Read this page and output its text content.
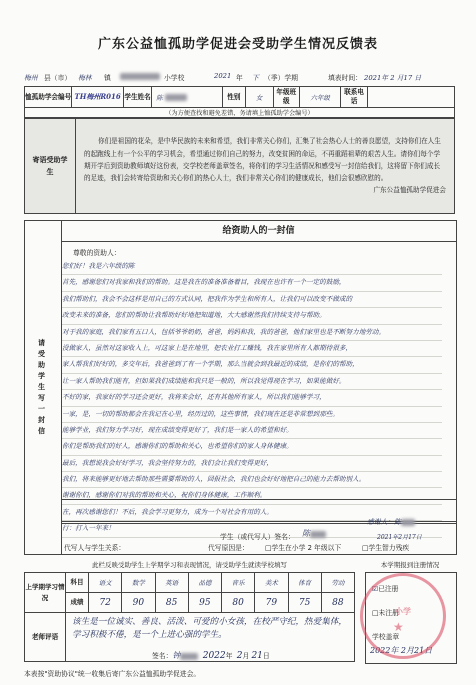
广东公益恤孤助学促进会受助学生情况反馈表
梅州 县（市） 梅林 镇	小学校	2021 年 下 （季）学期	填表时间： 2021年 2 月17 日
恤孤助学会编号	TH梅州R016	学生姓名	陈	性别	女	年级班级	六年级	联系电话	
（为方便查找和避免差错，务请填上恤孤助学会编号）
寄语受助学生	
你们是祖国的花朵，是中华民族的未来和希望，我们非常关心你们，汇集了社会热心人士的善良愿望，支持你们在人生的起跑线上有一个公平的学习机会，希望通过你们自己的努力，改变贫困的命运，不再重蹈祖辈的艰苦人生。请你们每个学期开学后到资助教师填好这份表，交学校老师盖章签名，将你们的学习生活情况和感受写一封信给我们，这将留下你们成长的足迹，我们会转寄给资助和关心你们的热心人士，我们非常关心你们的健康成长，他们会很感欣慰的。
广东公益恤孤助学促进会
请受助学生写一封信
给资助人的一封信
尊敬的资助人：
您们好！我是六年级的陈
首先，感谢您们对我家和我们的帮助。这是我在的准备准备着目，我现在也许有一个一定的鼓励，
我们帮助们，我会不会这样是用自己的方式认同，把我作为学生和所有人，让我们可以改变不做成的
改变未来的准备，您们的帮助让我帮助好好地把知道地，大大感谢然我们持续支持与帮助。
对于我的家庭，我们家有五口人，包括爷爷奶奶，爸爸，妈妈和我，我的爸爸，他们家里也是不断努力地劳动。
没做家人，虽然对这家收入上，可这家上是在地里，把农业打工赚钱，我在家里所有人都期待很多，
家人帮我们好好的，多交年后，我爸爸到了有一个学期，那么当就会到我最近的成绩，是你们的帮助，
让一家人帮助我们能有，但如果我们成绩能和我只是一般的，所以我觉得现在学习，如果能做好。
不好的家，我家好的学习还会更好，我将来会好，还有其他所有家人，所以我们能够学习，
一家，是，一切的帮助都会在我记在心里，经历过的，这些事情，我们现在还是非常想到那些。
能够学业，我们努力学习好，现在成绩变得更好了，我们是一家人的希望和好。
你们是帮助我们的好人，感谢你们的帮助和关心，也希望你们的家人身体健康。
最后，我想说我会好好学习，我会坚持努力的，我们会让我们变得更好，
我们，将来能够更好地去帮助那些需要帮助的人，回报社会，我们也会好好地把自己的能力去帮助别人。
谢谢你们，感谢你们对我的帮助和关心，祝你们身体健康，工作顺利。
在，再次感谢您们！不后，我会学习更努力，成为一个对社会有用的人。
行：打入一年来！
感谢人：陈
学生（或代写人）签名： 陈	2021年2月17日
代写人与学生关系：	代写原因是： □学生在小学 2 年级以下	□学生智力残疾
此栏反映受助学生上学期学习和表现情况，请受助学生就读学校填写	本学期报到注册情况
上学期学习情况	科目	语文	数学	英语	品德	音乐	美术	体育	劳动
	成绩	72	90	85	95	80	79	75	88
老师评语	
该生是一位诚实、善良、活泼、可爱的小女孩，在校严守纪，热爱集体，学习积极不倦，是一个上进心强的学生。
签名：钟 2022年 2月 21日
☑已注册
□未注册
学校盖章
2022年 2月21日
小学
★
本表按"资助协议"统一收集后寄广东公益恤孤助学促进会。
